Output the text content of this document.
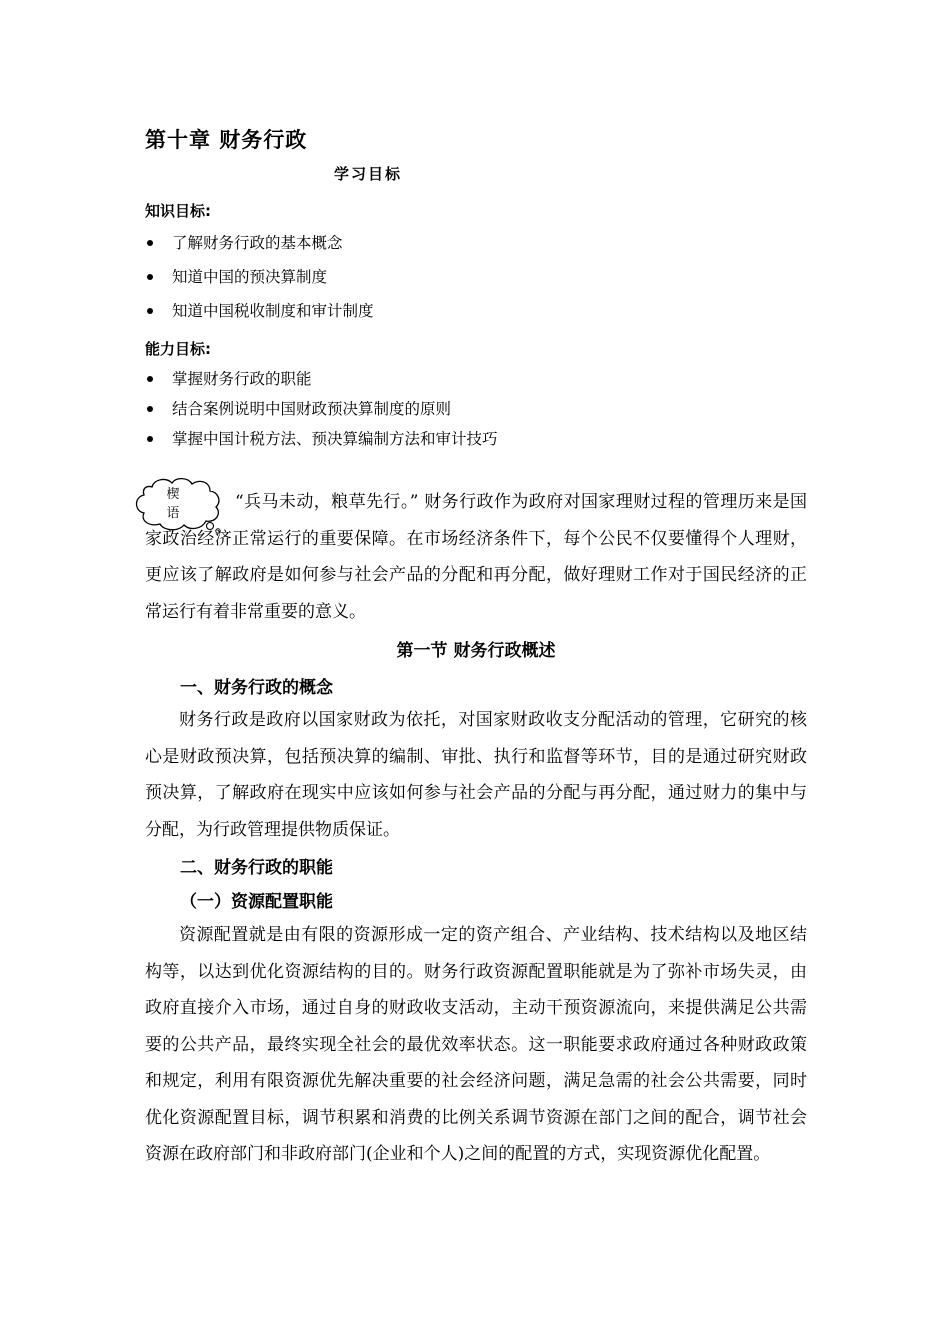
第十章 财务行政
学习目标
知识目标:
了解财务行政的基本概念
知道中国的预决算制度
知道中国税收制度和审计制度
能力目标:
掌握财务行政的职能
结合案例说明中国财政预决算制度的原则
掌握中国计税方法、预决算编制方法和审计技巧
楔
语

“兵马未动，粮草先行。” 财务行政作为政府对国家理财过程的管理历来是国家政治经济正常运行的重要保障。在市场经济条件下，每个公民不仅要懂得个人理财，更应该了解政府是如何参与社会产品的分配和再分配，做好理财工作对于国民经济的正常运行有着非常重要的意义。

第一节 财务行政概述
一、财务行政的概念

财务行政是政府以国家财政为依托，对国家财政收支分配活动的管理，它研究的核心是财政预决算，包括预决算的编制、审批、执行和监督等环节，目的是通过研究财政预决算，了解政府在现实中应该如何参与社会产品的分配与再分配，通过财力的集中与分配，为行政管理提供物质保证。

二、财务行政的职能
（一）资源配置职能

资源配置就是由有限的资源形成一定的资产组合、产业结构、技术结构以及地区结构等，以达到优化资源结构的目的。财务行政资源配置职能就是为了弥补市场失灵，由政府直接介入市场，通过自身的财政收支活动，主动干预资源流向，来提供满足公共需要的公共产品，最终实现全社会的最优效率状态。这一职能要求政府通过各种财政政策和规定，利用有限资源优先解决重要的社会经济问题，满足急需的社会公共需要，同时优化资源配置目标，调节积累和消费的比例关系调节资源在部门之间的配合，调节社会资源在政府部门和非政府部门(企业和个人)之间的配置的方式，实现资源优化配置。
